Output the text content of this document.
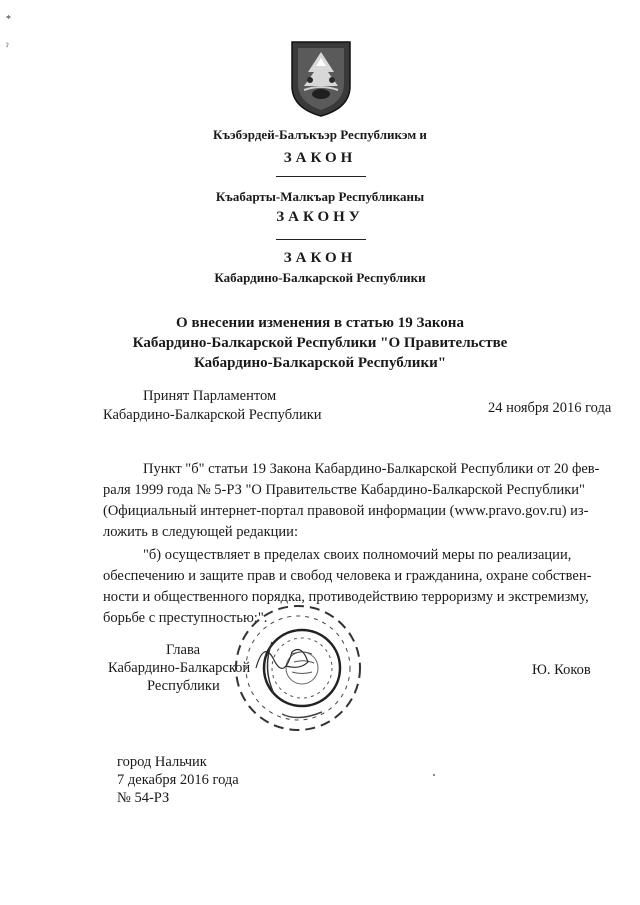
*
ˀ
Къэбэрдей-Балъкъэр Республикэм и
ЗАКОН
Къабарты-Малкъар Республиканы
ЗАКОНУ
ЗАКОН
Кабардино-Балкарской Республики
О внесении изменения в статью 19 Закона
Кабардино-Балкарской Республики "О Правительстве
Кабардино-Балкарской Республики"
Принят Парламентом
Кабардино-Балкарской Республики	24 ноября 2016 года
Пункт "б" статьи 19 Закона Кабардино-Балкарской Республики от 20 фев-
раля 1999 года № 5-РЗ "О Правительстве Кабардино-Балкарской Республики"
(Официальный интернет-портал правовой информации (www.pravo.gov.ru) из-
ложить в следующей редакции:
"б) осуществляет в пределах своих полномочий меры по реализации,
обеспечению и защите прав и свобод человека и гражданина, охране собствен-
ности и общественного порядка, противодействию терроризму и экстремизму,
борьбе с преступностью;".
Глава
Кабардино-Балкарской
Республики
Ю. Коков
город Нальчик
7 декабря 2016 года
№ 54-РЗ
